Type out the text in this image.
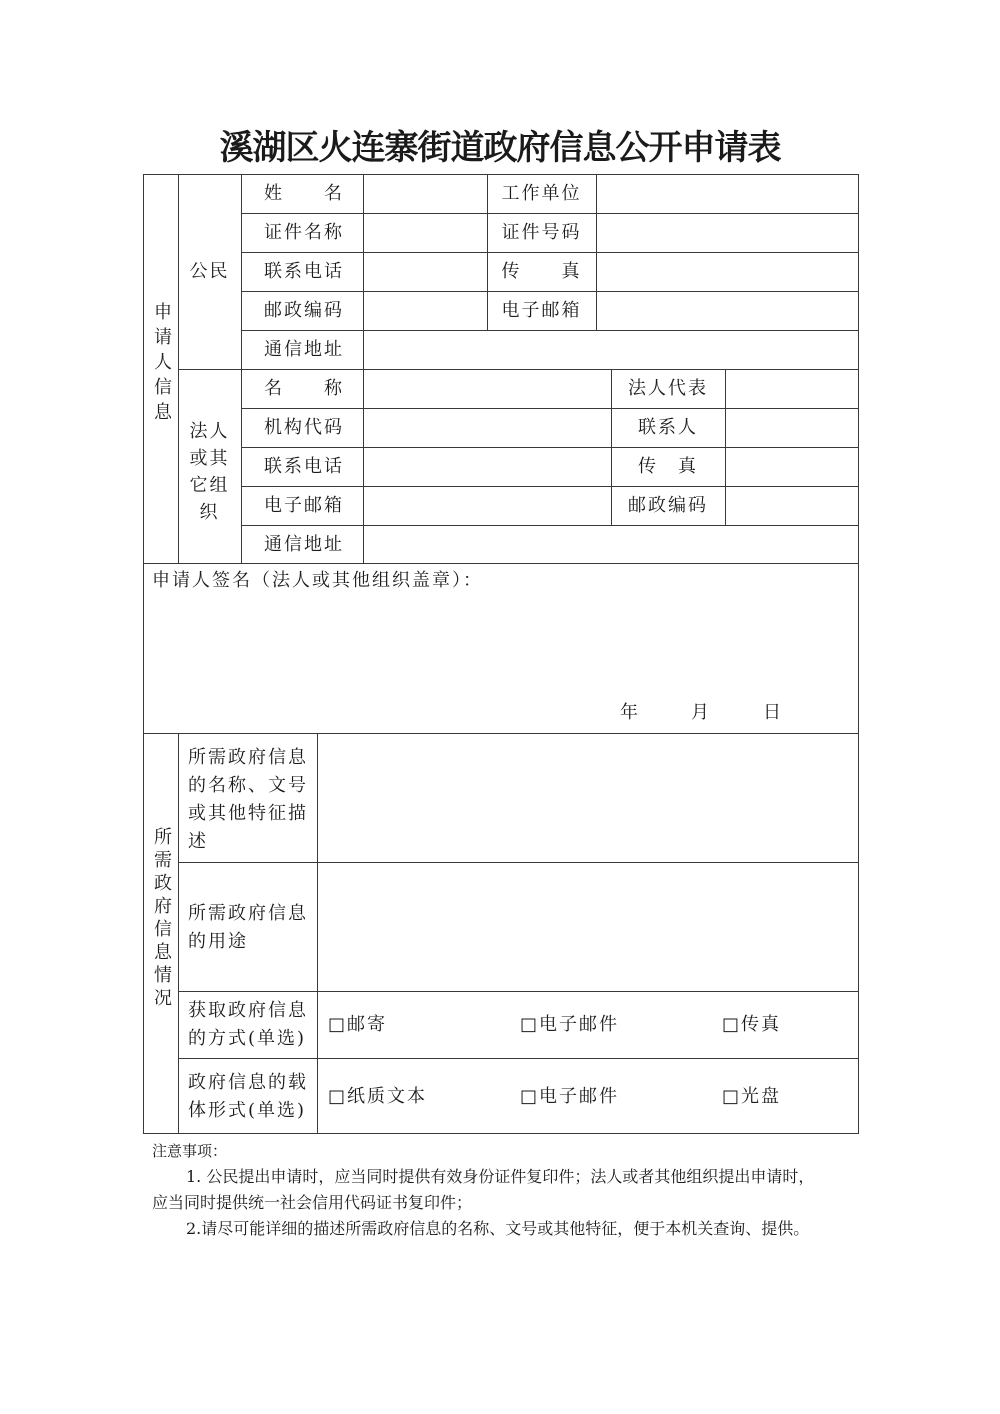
溪湖区火连寨街道政府信息公开申请表
申请人信息
公民
姓　　名	工作单位
证件名称	证件号码
联系电话	传　　真
邮政编码	电子邮箱
通信地址
法人
或其
它组
织
名　　称	法人代表
机构代码	联系人
联系电话	传　真
电子邮箱	邮政编码
通信地址
申请人签名（法人或其他组织盖章）：
年	月	日
所需政府信息情况
所需政府信息
的名称、文号
或其他特征描
述
所需政府信息
的用途
获取政府信息
的方式(单选)
□邮寄	□电子邮件	□传真
政府信息的载
体形式(单选)
□纸质文本	□电子邮件	□光盘

注意事项：

1. 公民提出申请时，应当同时提供有效身份证件复印件；法人或者其他组织提出申请时，

应当同时提供统一社会信用代码证书复印件；

2.请尽可能详细的描述所需政府信息的名称、文号或其他特征，便于本机关查询、提供。
